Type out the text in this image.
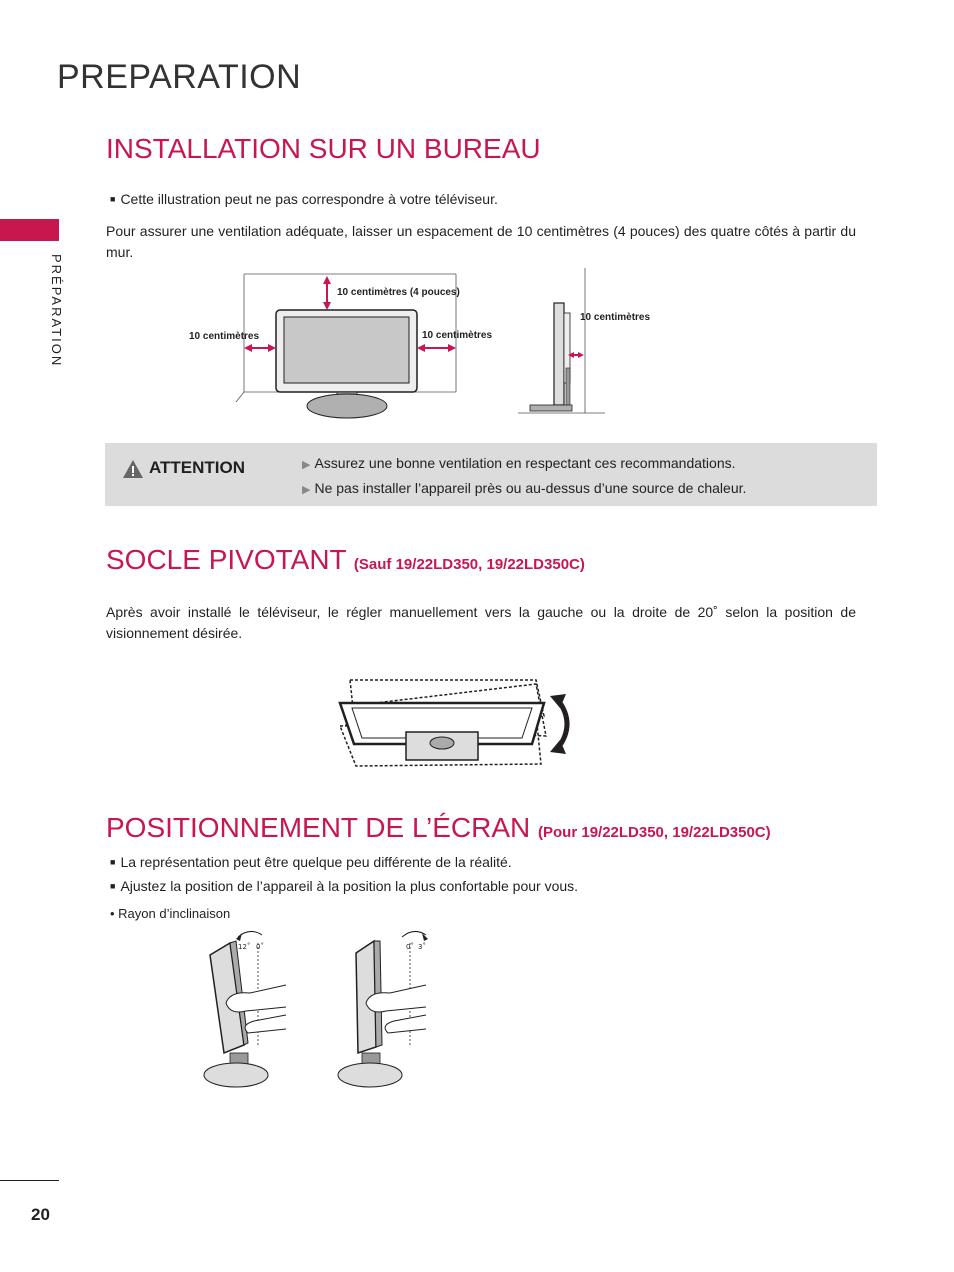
PREPARATION
PRÉPARATION
INSTALLATION SUR UN BUREAU
■ Cette illustration peut ne pas correspondre à votre téléviseur.
Pour assurer une ventilation adéquate, laisser un espacement de 10 centimètres (4 pouces) des quatre côtés à partir du mur.
10 centimètres (4 pouces)
10 centimètres	10 centimètres
10 centimètres
ATTENTION	▶ Assurez une bonne ventilation en respectant ces recommandations.
▶ Ne pas installer l’appareil près ou au-dessus d’une source de chaleur.
SOCLE PIVOTANT (Sauf 19/22LD350, 19/22LD350C)
Après avoir installé le téléviseur, le régler manuellement vers la gauche ou la droite de 20˚ selon la position de visionnement désirée.
POSITIONNEMENT DE L’ÉCRAN (Pour 19/22LD350, 19/22LD350C)
■ La représentation peut être quelque peu différente de la réalité.
■ Ajustez la position de l’appareil à la position la plus confortable pour vous.
• Rayon d’inclinaison
12˚ 0˚	0˚ 3˚
20
